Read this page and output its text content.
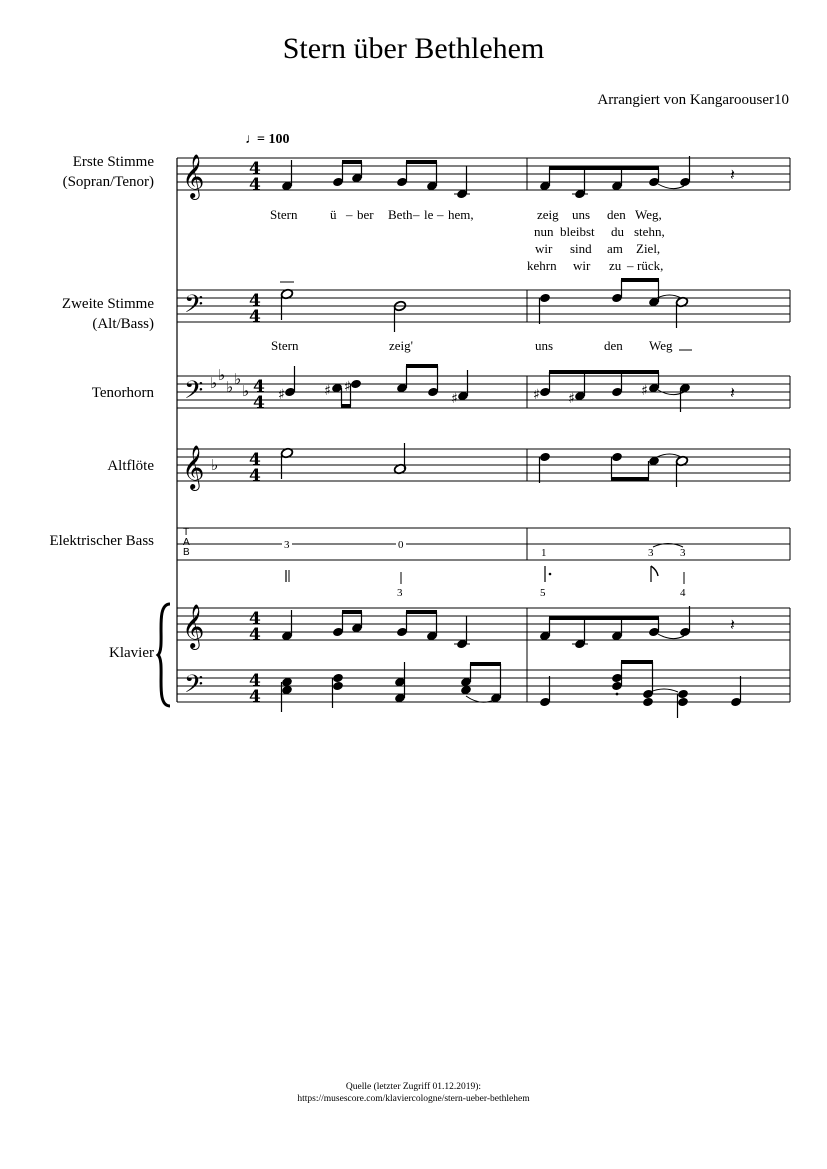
Stern über Bethlehem
Arrangiert von Kangaroouser10
𝄞
𝄢
𝄢
𝄞
𝄞
𝄢
T
A
B
♭ ♭
♭ ♭
♭
♭
4
4
4
4
4
4
4
4
4
4
4
4
♩
= 100
Erste Stimme
(Sopran/Tenor)
Zweite Stimme
(Alt/Bass)
Tenorhorn
Altflöte
Elektrischer Bass
Klavier
𝄽
Stern	ü – ber Beth – le – hem,	zeig uns den Weg,
nun bleibst du stehn,
wir sind am Ziel,
kehrn wir zu – rück,
Stern	zeig'	uns	den Weg
♯	♯ ♯
♯	♯ ♯	♯	𝄽
3	0
1	3 3
3	5	4
𝄽
Quelle (letzter Zugriff 01.12.2019):
https://musescore.com/klaviercologne/stern-ueber-bethlehem
